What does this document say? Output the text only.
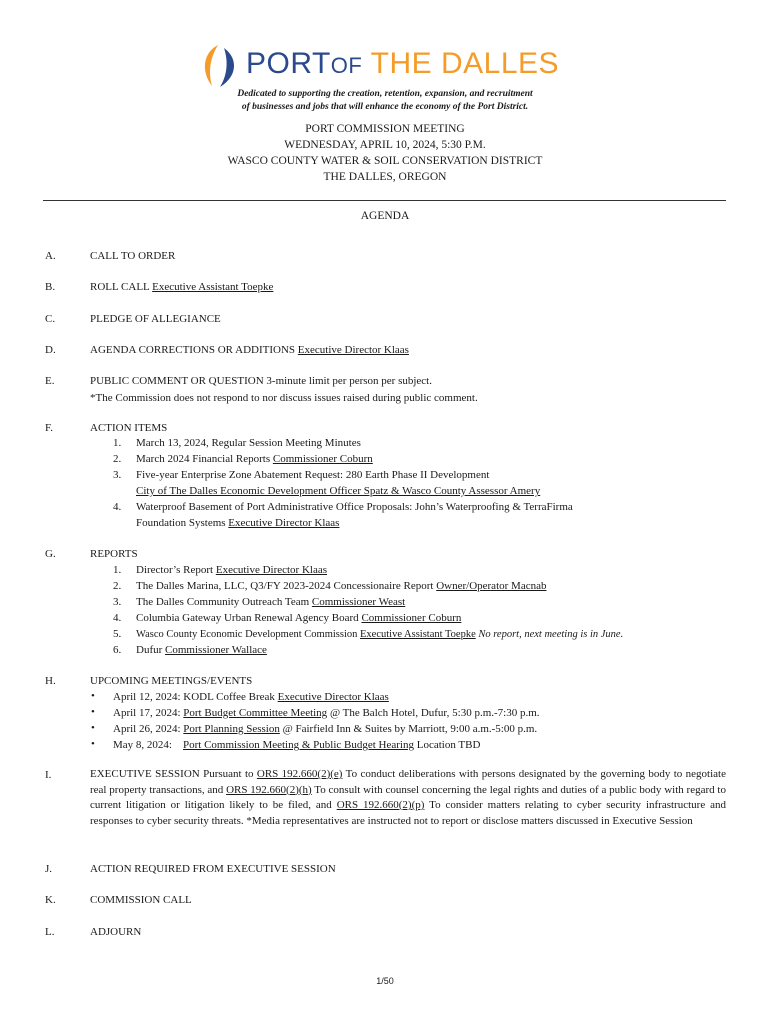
PORTOF THE DALLES
Dedicated to supporting the creation, retention, expansion, and recruitment
of businesses and jobs that will enhance the economy of the Port District.
PORT COMMISSION MEETING
WEDNESDAY, APRIL 10, 2024, 5:30 P.M.
WASCO COUNTY WATER & SOIL CONSERVATION DISTRICT
THE DALLES, OREGON
AGENDA
A.	CALL TO ORDER
B.	ROLL CALL Executive Assistant Toepke
C.	PLEDGE OF ALLEGIANCE
D.	AGENDA CORRECTIONS OR ADDITIONS Executive Director Klaas
E.	PUBLIC COMMENT OR QUESTION 3-minute limit per person per subject.
*The Commission does not respond to nor discuss issues raised during public comment.
F.	ACTION ITEMS
1. March 13, 2024, Regular Session Meeting Minutes
2. March 2024 Financial Reports Commissioner Coburn
3. Five-year Enterprise Zone Abatement Request: 280 Earth Phase II Development
City of The Dalles Economic Development Officer Spatz & Wasco County Assessor Amery
4. Waterproof Basement of Port Administrative Office Proposals: John’s Waterproofing & TerraFirma
Foundation Systems Executive Director Klaas
G.	REPORTS
1. Director’s Report Executive Director Klaas
2. The Dalles Marina, LLC, Q3/FY 2023-2024 Concessionaire Report Owner/Operator Macnab
3. The Dalles Community Outreach Team Commissioner Weast
4. Columbia Gateway Urban Renewal Agency Board Commissioner Coburn
5. Wasco County Economic Development Commission Executive Assistant Toepke No report, next meeting is in June.
6. Dufur Commissioner Wallace
H.	UPCOMING MEETINGS/EVENTS
• April 12, 2024: KODL Coffee Break Executive Director Klaas
• April 17, 2024: Port Budget Committee Meeting @ The Balch Hotel, Dufur, 5:30 p.m.-7:30 p.m.
• April 26, 2024: Port Planning Session @ Fairfield Inn & Suites by Marriott, 9:00 a.m.-5:00 p.m.
• May 8, 2024:    Port Commission Meeting & Public Budget Hearing Location TBD
I.	EXECUTIVE SESSION Pursuant to ORS 192.660(2)(e) To conduct deliberations with persons designated by the governing body to negotiate real property transactions, and ORS 192.660(2)(h) To consult with counsel concerning the legal rights and duties of a public body with regard to current litigation or litigation likely to be filed, and ORS 192.660(2)(p) To consider matters relating to cyber security infrastructure and responses to cyber security threats. *Media representatives are instructed not to report or disclose matters discussed in Executive Session
J.	ACTION REQUIRED FROM EXECUTIVE SESSION
K.	COMMISSION CALL
L.	ADJOURN
1/50
